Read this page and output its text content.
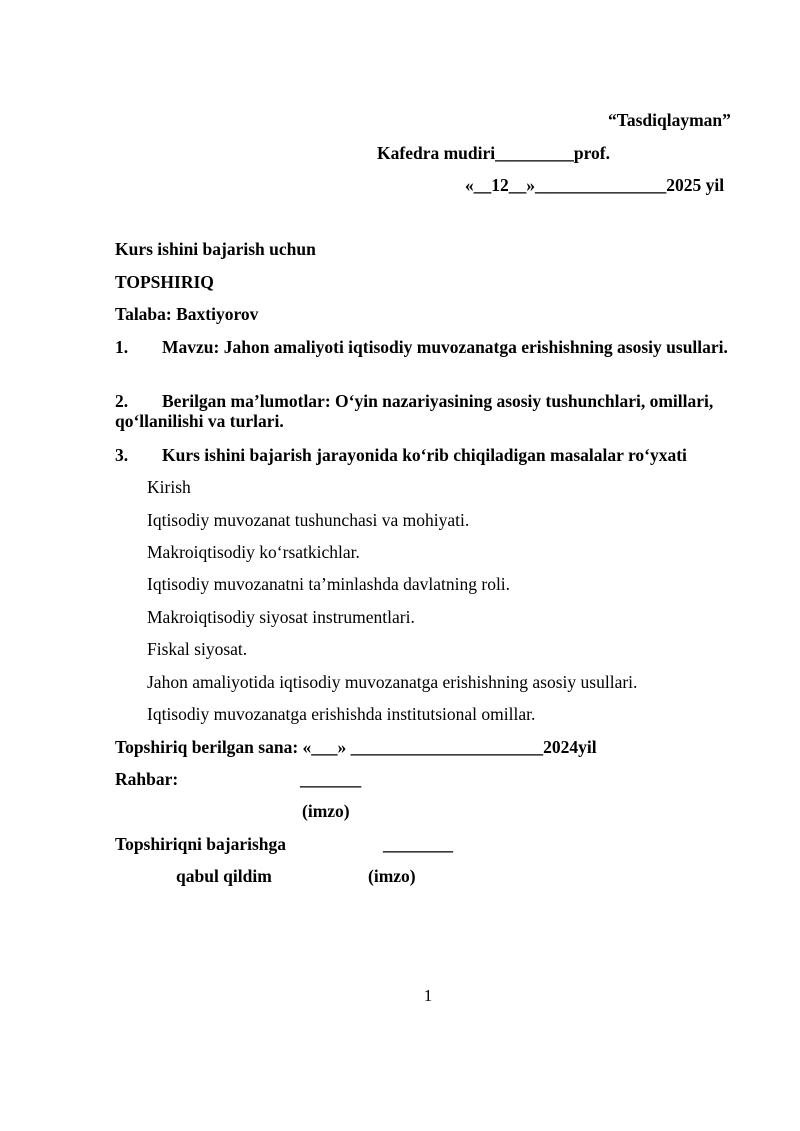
“Tasdiqlayman”
Kafedra mudiri_________prof.
«__12__»_______________2025 yil
Kurs ishini bajarish uchun
TOPSHIRIQ
Talaba: Baxtiyorov
1. Mavzu: Jahon amaliyoti iqtisodiy muvozanatga erishishning asosiy usullari.
2. Berilgan ma’lumotlar: O‘yin nazariyasining asosiy tushunchlari, omillari, qo‘llanilishi va turlari.
3. Kurs ishini bajarish jarayonida ko‘rib chiqiladigan masalalar ro‘yxati
Kirish
Iqtisodiy muvozanat tushunchasi va mohiyati.
Makroiqtisodiy ko‘rsatkichlar.
Iqtisodiy muvozanatni ta’minlashda davlatning roli.
Makroiqtisodiy siyosat instrumentlari.
Fiskal siyosat.
Jahon amaliyotida iqtisodiy muvozanatga erishishning asosiy usullari.
Iqtisodiy muvozanatga erishishda institutsional omillar.
Topshiriq berilgan sana: «___» ______________________2024yil
Rahbar:	_______
(imzo)
Topshiriqni bajarishga	________
qabul qildim	(imzo)
1
